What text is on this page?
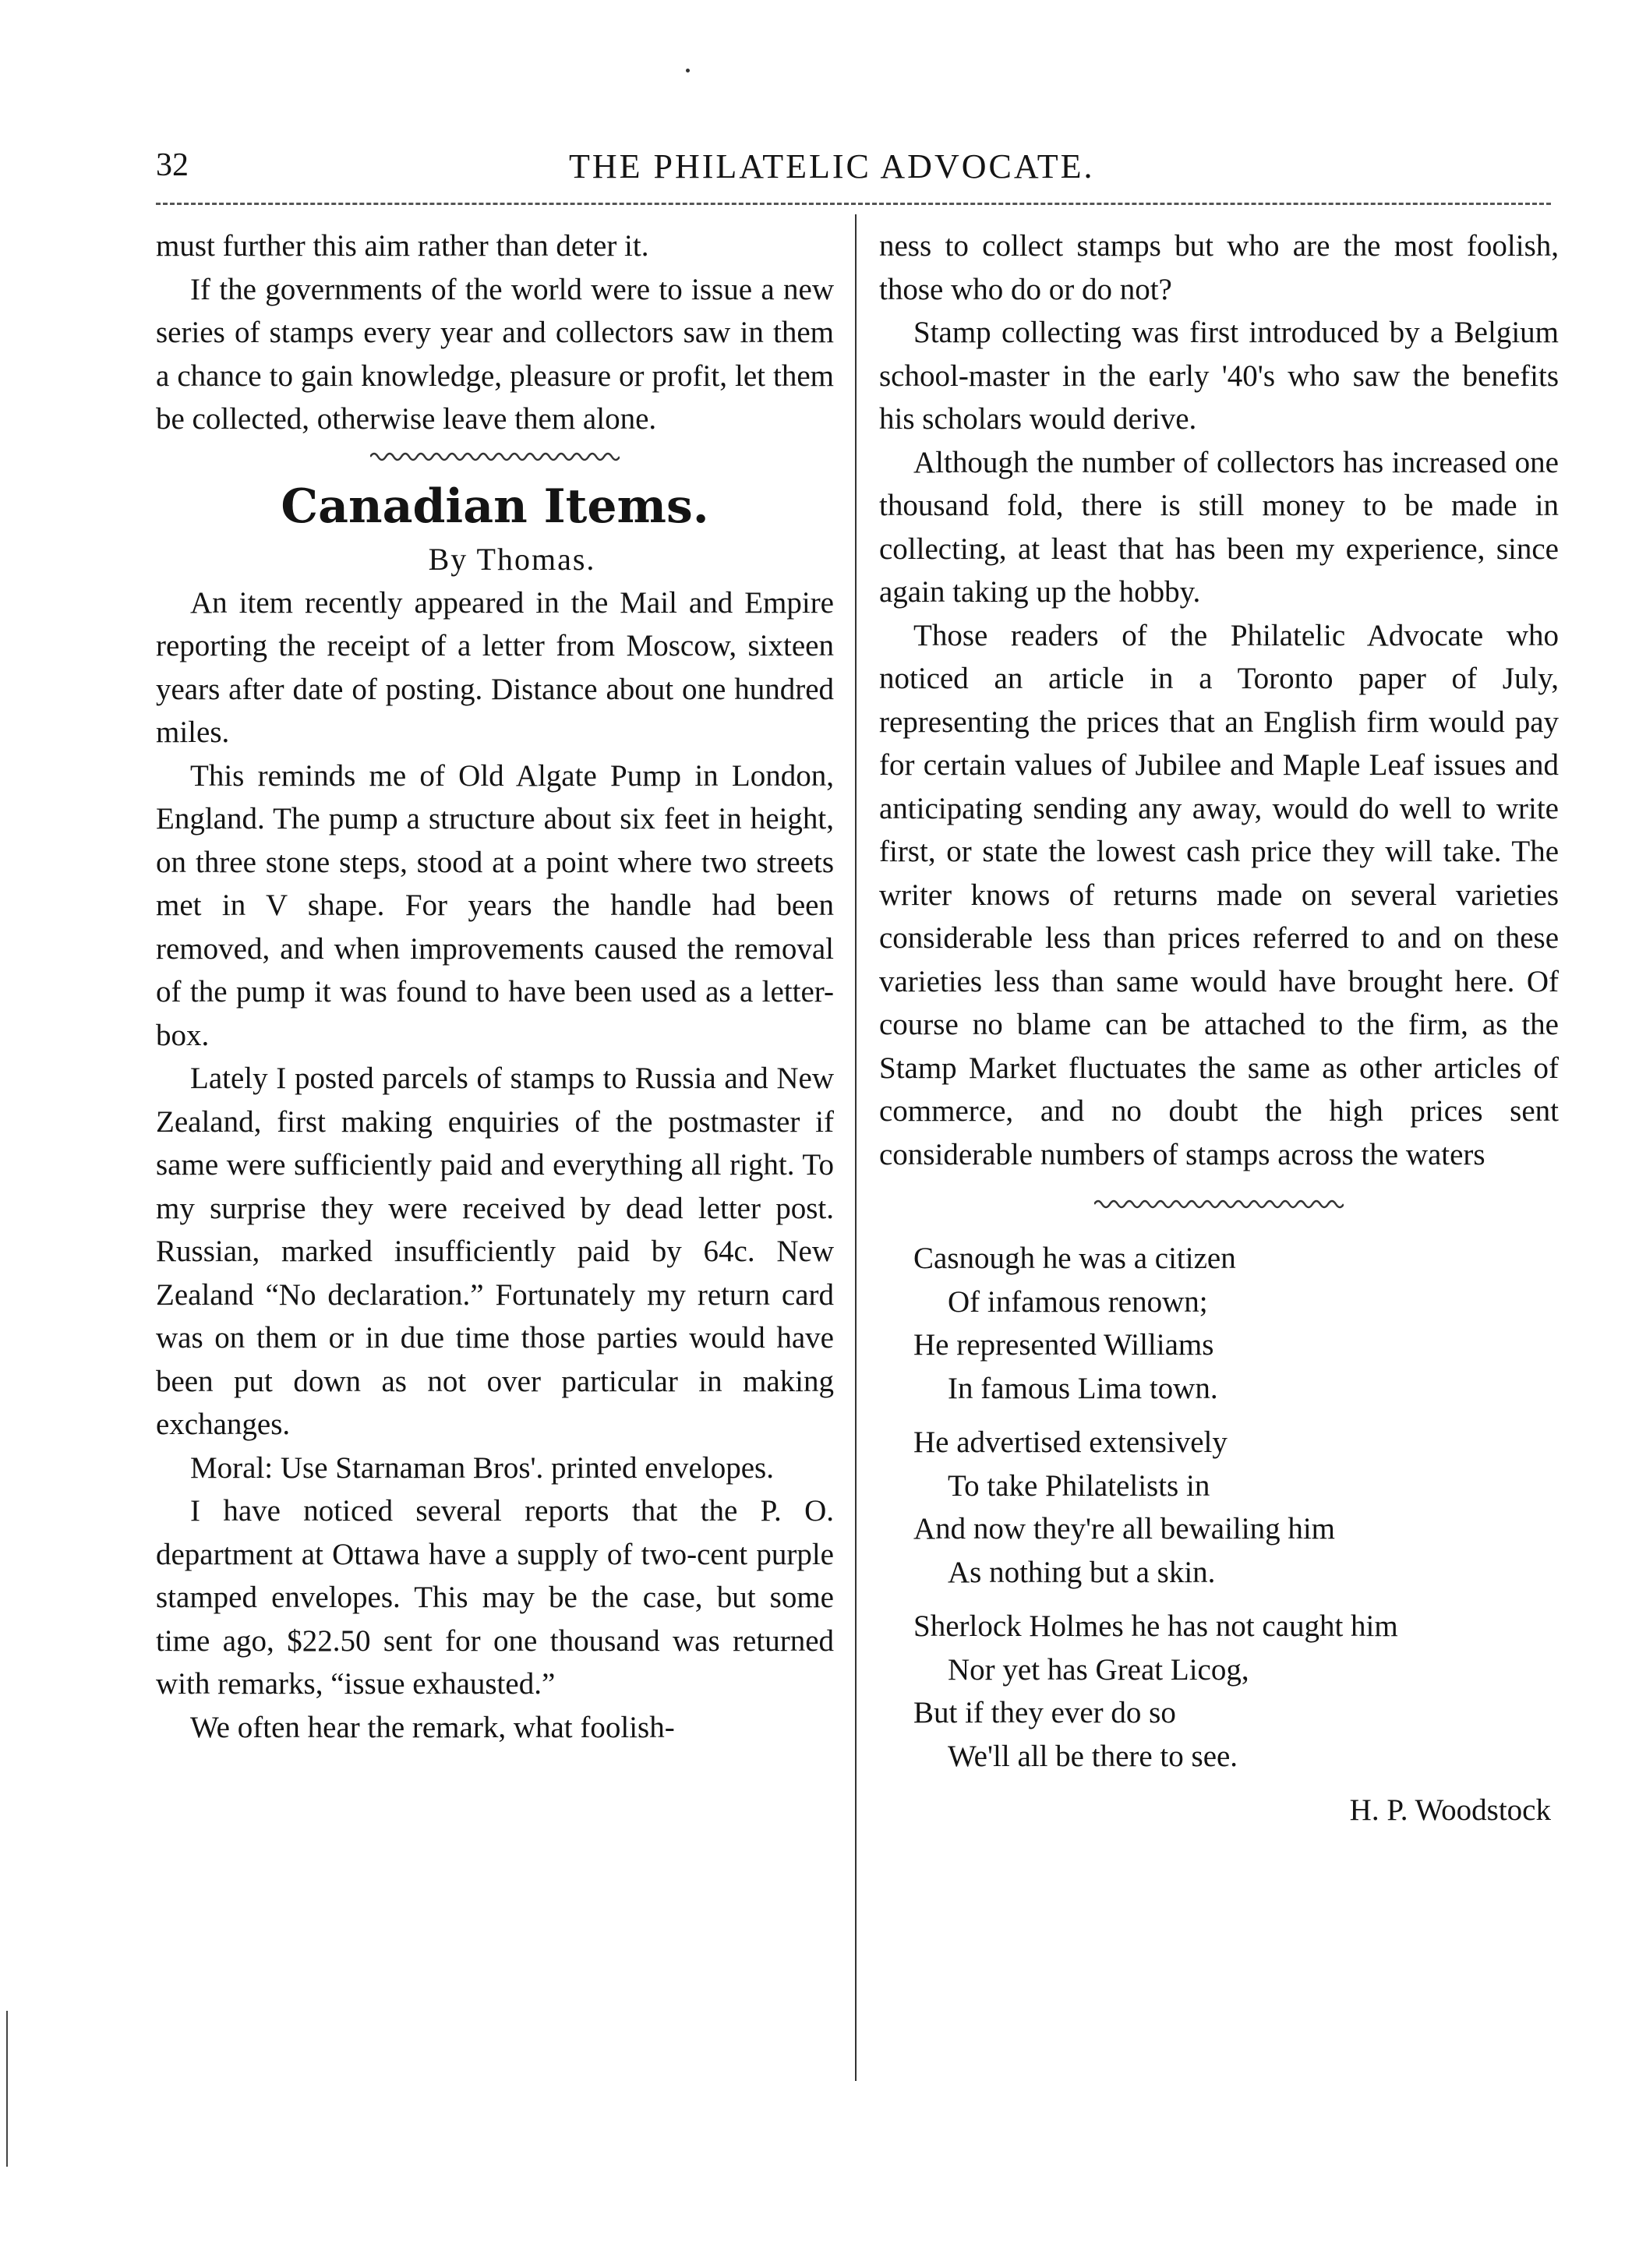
32	THE PHILATELIC ADVOCATE.

must further this aim rather than deter it.

If the governments of the world were to issue a new series of stamps every year and collectors saw in them a chance to gain knowledge, pleasure or profit, let them be collected, otherwise leave them alone.

Canadian Items.

By Thomas.

An item recently appeared in the Mail and Empire reporting the receipt of a letter from Moscow, sixteen years after date of posting. Distance about one hundred miles.

This reminds me of Old Algate Pump in London, England. The pump a structure about six feet in height, on three stone steps, stood at a point where two streets met in V shape. For years the handle had been removed, and when improvements caused the removal of the pump it was found to have been used as a letter-box.

Lately I posted parcels of stamps to Russia and New Zealand, first making enquiries of the postmaster if same were sufficiently paid and everything all right. To my surprise they were received by dead letter post. Russian, marked insufficiently paid by 64c. New Zealand “No declaration.” Fortunately my return card was on them or in due time those parties would have been put down as not over particular in making exchanges.

Moral: Use Starnaman Bros'. printed envelopes.

I have noticed several reports that the P. O. department at Ottawa have a supply of two-cent purple stamped envelopes. This may be the case, but some time ago, $22.50 sent for one thousand was returned with remarks, “issue exhausted.”

We often hear the remark, what foolish-

ness to collect stamps but who are the most foolish, those who do or do not?

Stamp collecting was first introduced by a Belgium school-master in the early '40's who saw the benefits his scholars would derive.

Although the number of collectors has increased one thousand fold, there is still money to be made in collecting, at least that has been my experience, since again taking up the hobby.

Those readers of the Philatelic Advocate who noticed an article in a Toronto paper of July, representing the prices that an English firm would pay for certain values of Jubilee and Maple Leaf issues and anticipating sending any away, would do well to write first, or state the lowest cash price they will take. The writer knows of returns made on several varieties considerable less than prices referred to and on these varieties less than same would have brought here. Of course no blame can be attached to the firm, as the Stamp Market fluctuates the same as other articles of commerce, and no doubt the high prices sent considerable numbers of stamps across the waters

Casnough he was a citizen

Of infamous renown;

He represented Williams

In famous Lima town.

He advertised extensively

To take Philatelists in

And now they're all bewailing him

As nothing but a skin.

Sherlock Holmes he has not caught him

Nor yet has Great Licog,

But if they ever do so

We'll all be there to see.

H. P. Woodstock
